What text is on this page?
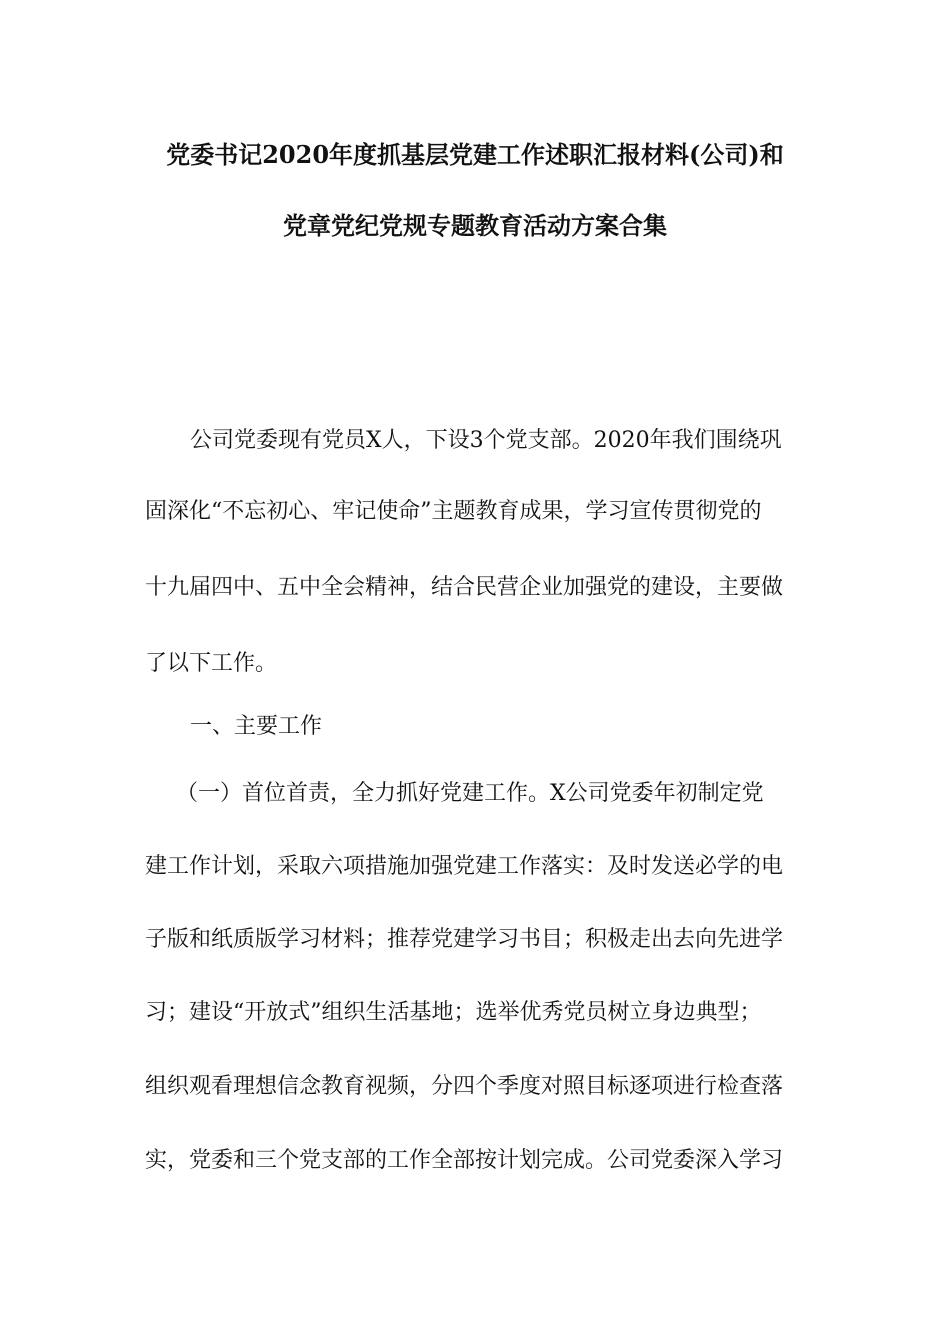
党委书记2020年度抓基层党建工作述职汇报材料(公司)和
党章党纪党规专题教育活动方案合集
公司党委现有党员X人，下设3个党支部。2020年我们围绕巩
固深化“不忘初心、牢记使命”主题教育成果，学习宣传贯彻党的
十九届四中、五中全会精神，结合民营企业加强党的建设，主要做
了以下工作。
一、主要工作
（一）首位首责，全力抓好党建工作。X公司党委年初制定党
建工作计划，采取六项措施加强党建工作落实：及时发送必学的电
子版和纸质版学习材料；推荐党建学习书目；积极走出去向先进学
习；建设“开放式”组织生活基地；选举优秀党员树立身边典型；
组织观看理想信念教育视频，分四个季度对照目标逐项进行检查落
实，党委和三个党支部的工作全部按计划完成。公司党委深入学习
